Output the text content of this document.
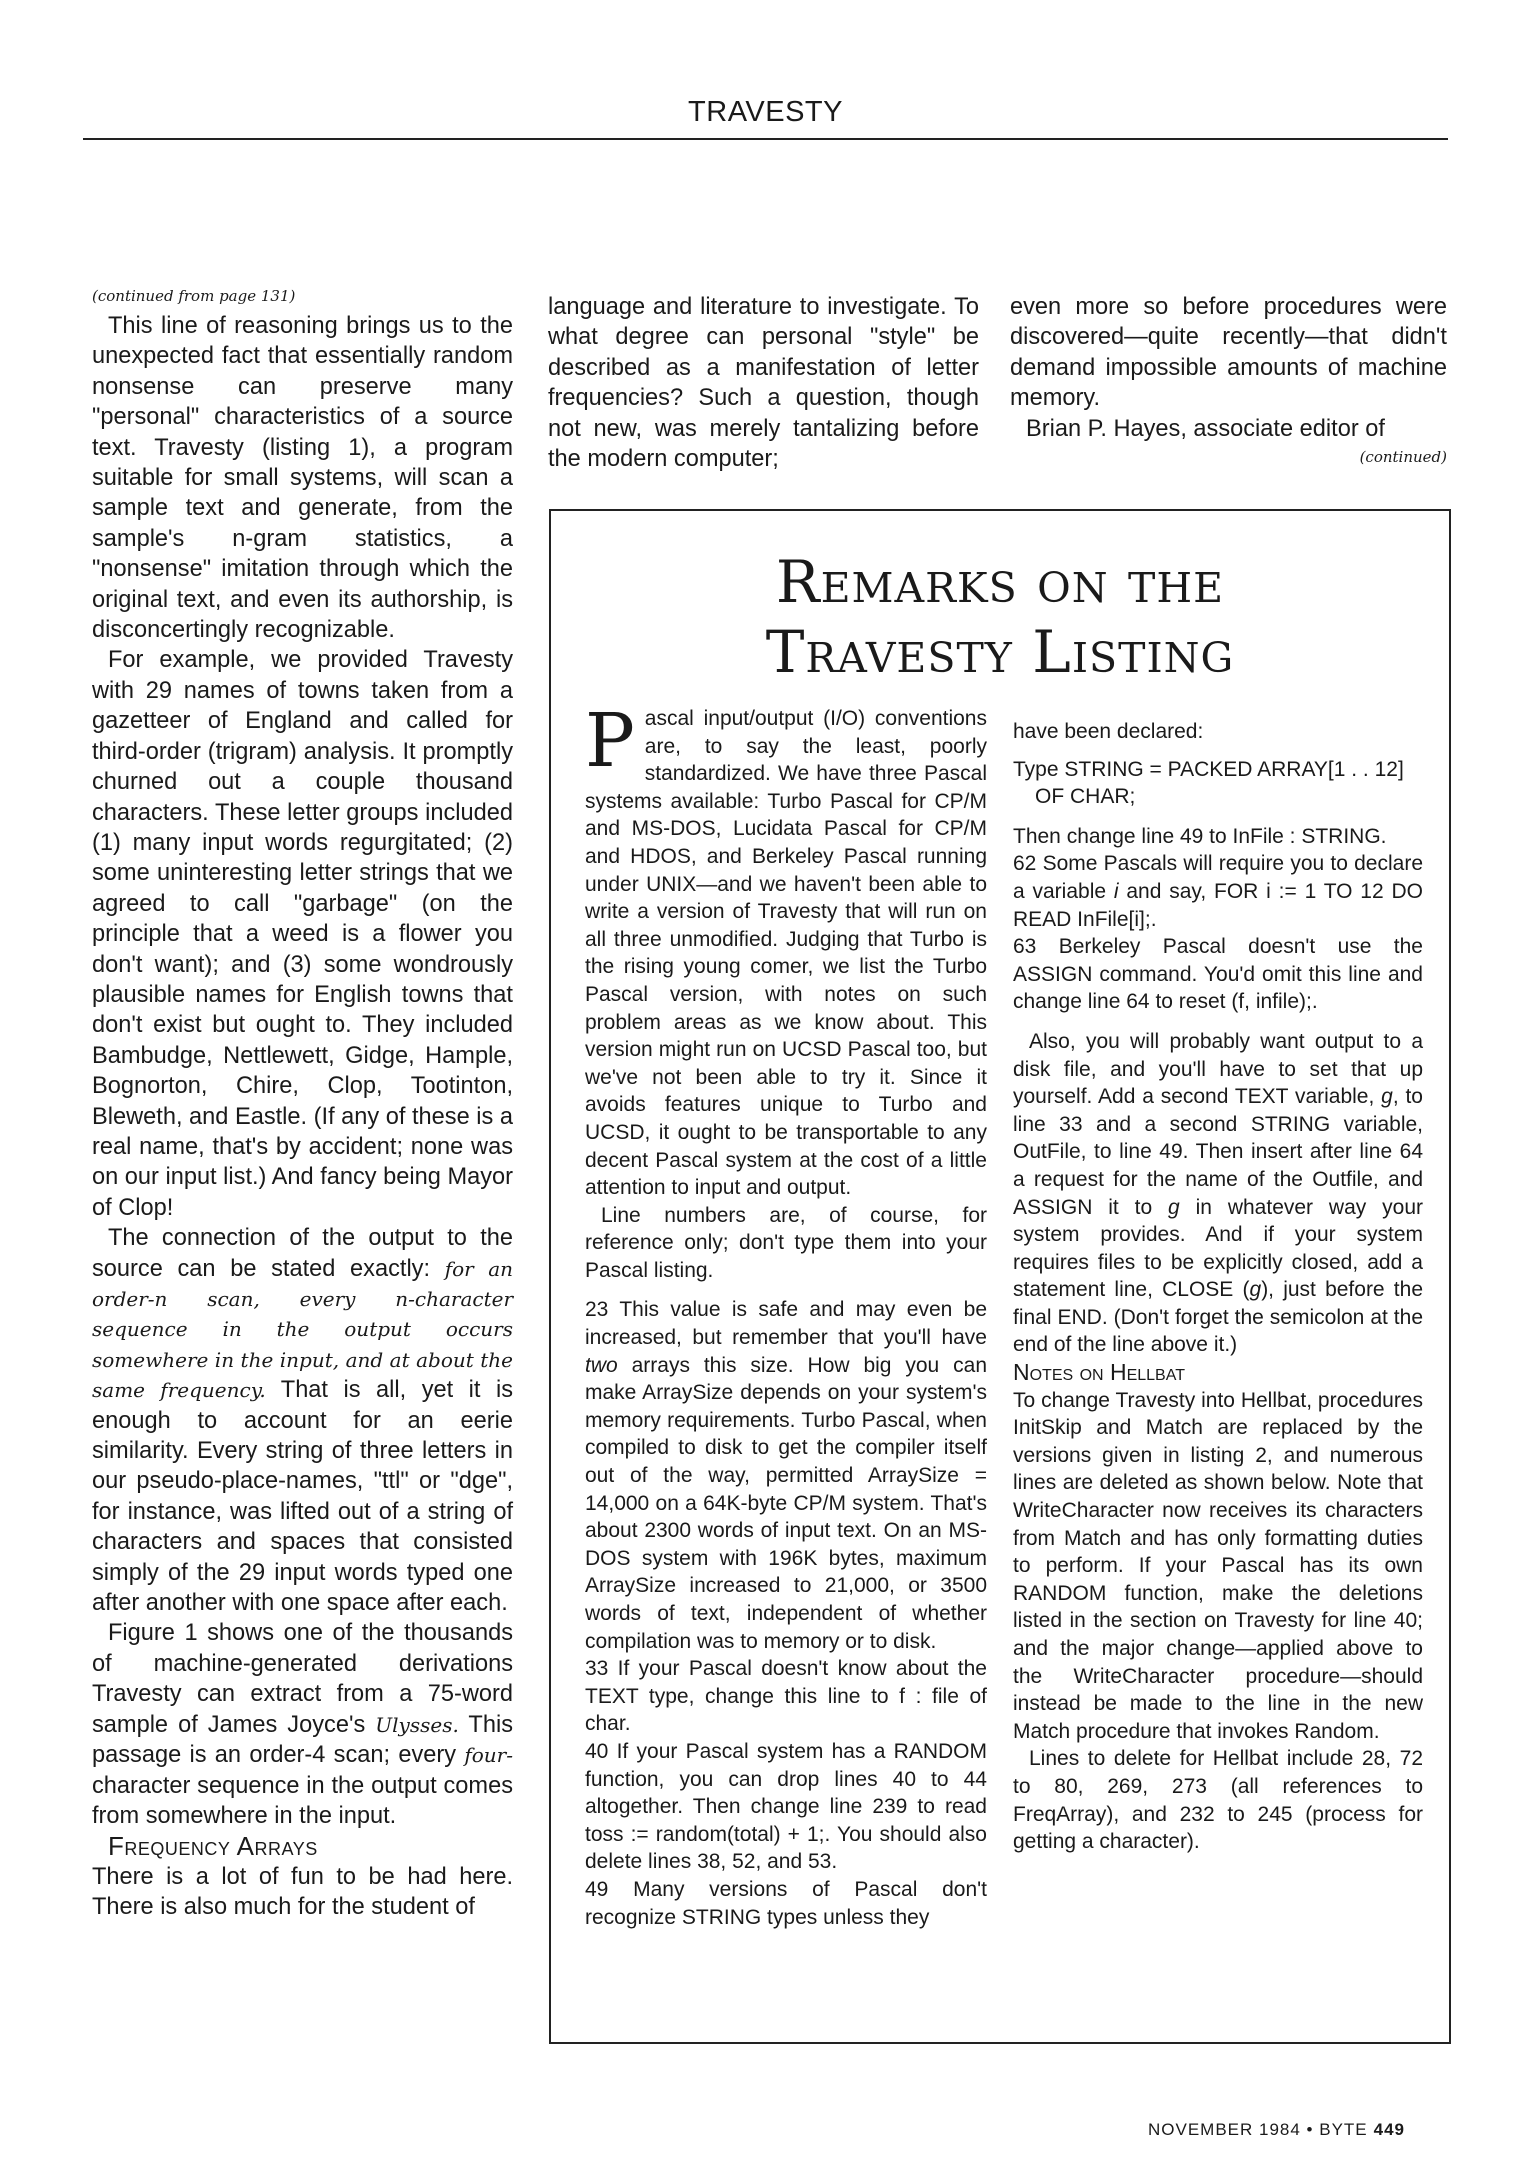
TRAVESTY
(continued from page 131)

This line of reasoning brings us to the unexpected fact that essentially random nonsense can preserve many "personal" characteristics of a source text. Travesty (listing 1), a program suitable for small systems, will scan a sample text and generate, from the sample's n-gram statistics, a "nonsense" imitation through which the original text, and even its authorship, is disconcertingly recognizable.

For example, we provided Travesty with 29 names of towns taken from a gazetteer of England and called for third-order (trigram) analysis. It promptly churned out a couple thousand characters. These letter groups included (1) many input words regurgitated; (2) some uninteresting letter strings that we agreed to call "garbage" (on the principle that a weed is a flower you don't want); and (3) some wondrously plausible names for English towns that don't exist but ought to. They included Bambudge, Nettlewett, Gidge, Hample, Bognorton, Chire, Clop, Tootinton, Bleweth, and Eastle. (If any of these is a real name, that's by accident; none was on our input list.) And fancy being Mayor of Clop!

The connection of the output to the source can be stated exactly: for an order-n scan, every n-character sequence in the output occurs somewhere in the input, and at about the same frequency. That is all, yet it is enough to account for an eerie similarity. Every string of three letters in our pseudo-place-names, "ttl" or "dge", for instance, was lifted out of a string of characters and spaces that consisted simply of the 29 input words typed one after another with one space after each.

Figure 1 shows one of the thousands of machine-generated derivations Travesty can extract from a 75-word sample of James Joyce's Ulysses. This passage is an order-4 scan; every four-character sequence in the output comes from somewhere in the input.

Frequency Arrays

There is a lot of fun to be had here. There is also much for the student of

language and literature to investigate. To what degree can personal "style" be described as a manifestation of letter frequencies? Such a question, though not new, was merely tantalizing before the modern computer;

even more so before procedures were discovered—quite recently—that didn't demand impossible amounts of machine memory.

Brian P. Hayes, associate editor of

(continued)
Remarks on the
Travesty Listing

Pascal input/output (I/O) conventions are, to say the least, poorly standardized. We have three Pascal systems available: Turbo Pascal for CP/M and MS-DOS, Lucidata Pascal for CP/M and HDOS, and Berkeley Pascal running under UNIX—and we haven't been able to write a version of Travesty that will run on all three unmodified. Judging that Turbo is the rising young comer, we list the Turbo Pascal version, with notes on such problem areas as we know about. This version might run on UCSD Pascal too, but we've not been able to try it. Since it avoids features unique to Turbo and UCSD, it ought to be transportable to any decent Pascal system at the cost of a little attention to input and output.

Line numbers are, of course, for reference only; don't type them into your Pascal listing.

23 This value is safe and may even be increased, but remember that you'll have two arrays this size. How big you can make ArraySize depends on your system's memory requirements. Turbo Pascal, when compiled to disk to get the compiler itself out of the way, permitted ArraySize = 14,000 on a 64K-byte CP/M system. That's about 2300 words of input text. On an MS-DOS system with 196K bytes, maximum ArraySize increased to 21,000, or 3500 words of text, independent of whether compilation was to memory or to disk.

33 If your Pascal doesn't know about the TEXT type, change this line to f : file of char.

40 If your Pascal system has a RANDOM function, you can drop lines 40 to 44 altogether. Then change line 239 to read toss := random(total) + 1;. You should also delete lines 38, 52, and 53.

49 Many versions of Pascal don't recognize STRING types unless they

have been declared:

Type STRING = PACKED ARRAY[1 . . 12]
OF CHAR;

Then change line 49 to InFile : STRING.

62 Some Pascals will require you to declare a variable i and say, FOR i := 1 TO 12 DO READ InFile[i];.

63 Berkeley Pascal doesn't use the ASSIGN command. You'd omit this line and change line 64 to reset (f, infile);.

Also, you will probably want output to a disk file, and you'll have to set that up yourself. Add a second TEXT variable, g, to line 33 and a second STRING variable, OutFile, to line 49. Then insert after line 64 a request for the name of the Outfile, and ASSIGN it to g in whatever way your system provides. And if your system requires files to be explicitly closed, add a statement line, CLOSE (g), just before the final END. (Don't forget the semicolon at the end of the line above it.)

Notes on Hellbat

To change Travesty into Hellbat, procedures InitSkip and Match are replaced by the versions given in listing 2, and numerous lines are deleted as shown below. Note that WriteCharacter now receives its characters from Match and has only formatting duties to perform. If your Pascal has its own RANDOM function, make the deletions listed in the section on Travesty for line 40; and the major change—applied above to the WriteCharacter procedure—should instead be made to the line in the new Match procedure that invokes Random.

Lines to delete for Hellbat include 28, 72 to 80, 269, 273 (all references to FreqArray), and 232 to 245 (process for getting a character).

NOVEMBER 1984 • BYTE 449
